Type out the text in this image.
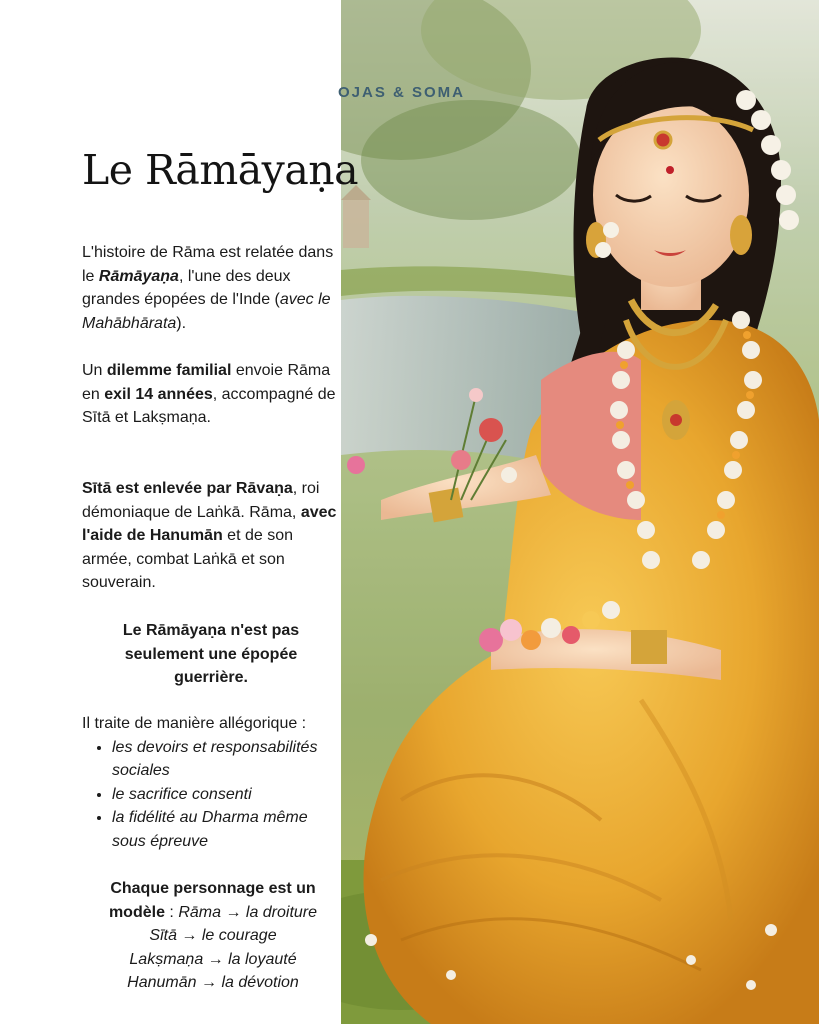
OJAS & SOMA
Le Rāmāyaṇa

L'histoire de Rāma est relatée dans le Rāmāyaṇa, l'une des deux grandes épopées de l'Inde (avec le Mahābhārata).

Un dilemme familial envoie Rāma en exil 14 années, accompagné de Sītā et Lakṣmaṇa.

Sītā est enlevée par Rāvaṇa, roi démoniaque de Laṅkā. Rāma, avec l'aide de Hanumān et de son armée, combat Laṅkā et son souverain.

Le Rāmāyaṇa n'est pas seulement une épopée guerrière.

Il traite de manière allégorique :
• les devoirs et responsabilités sociales
• le sacrifice consenti
• la fidélité au Dharma même sous épreuve
Chaque personnage est un modèle : Rāma → la droiture
Sītā → le courage
Lakṣmaṇa → la loyauté
Hanumān → la dévotion
